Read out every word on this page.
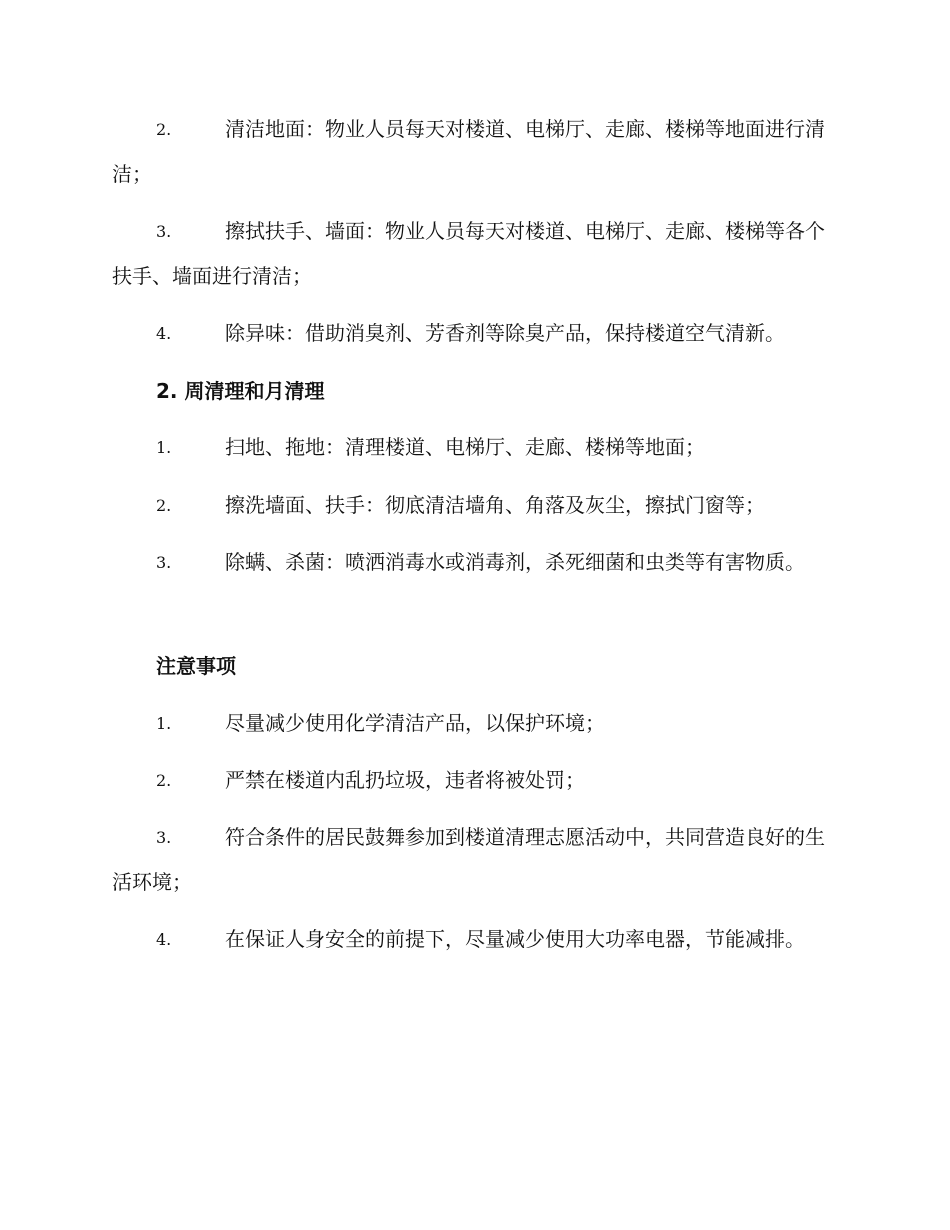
2.	清洁地面：物业人员每天对楼道、电梯厅、走廊、楼梯等地面进行清洁；
3.	擦拭扶手、墙面：物业人员每天对楼道、电梯厅、走廊、楼梯等各个扶手、墙面进行清洁；
4.	除异味：借助消臭剂、芳香剂等除臭产品，保持楼道空气清新。
2. 周清理和月清理
1.	扫地、拖地：清理楼道、电梯厅、走廊、楼梯等地面；
2.	擦洗墙面、扶手：彻底清洁墙角、角落及灰尘，擦拭门窗等；
3.	除螨、杀菌：喷洒消毒水或消毒剂，杀死细菌和虫类等有害物质。
注意事项
1.	尽量减少使用化学清洁产品，以保护环境；
2.	严禁在楼道内乱扔垃圾，违者将被处罚；
3.	符合条件的居民鼓舞参加到楼道清理志愿活动中，共同营造良好的生活环境；
4.	在保证人身安全的前提下，尽量减少使用大功率电器，节能减排。
